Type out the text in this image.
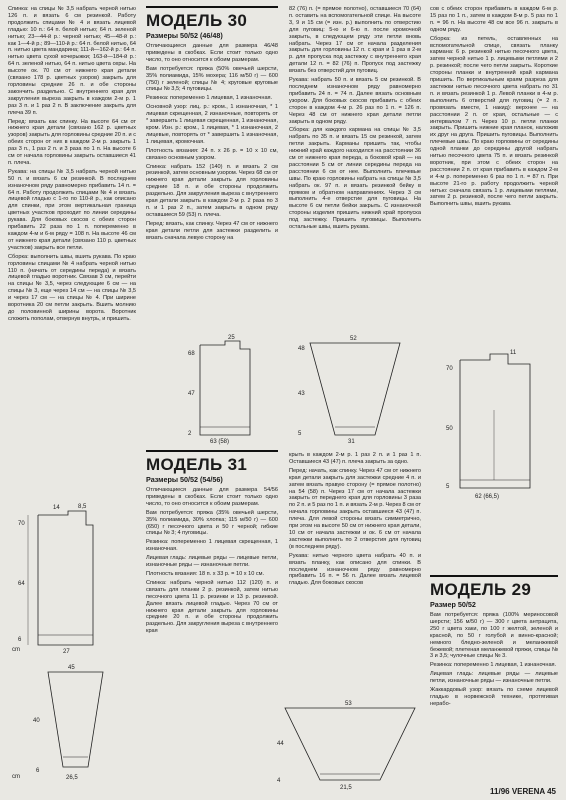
Спинка: на спицы № 3,5 набрать черной нитью 126 п. и вязать 6 см резинкой. Работу продолжить спицами № 4 и вязать лицевой гладью: 10 п.: 64 п. белой нитью; 64 п. зеленой нитью; 23—44-й р.: черной нитью; 45—48-й р.: как 1—4-й р.; 89—110-й р.: 64 п. белой нитью, 64 п. нитью цвета мандарина; 111-й—162-й р.: 64 п. нитью цвета сухой кочерыжки; 163-й—184-й р.: 64 п. зеленой нитью, 64 п. нитью цвета охры. На высоте ок. 70 см от нижнего края детали (связано 178 р. цветных узоров) закрыть для горловины средние 26 п. и обе стороны закончить раздельно. С внутреннего края для закругления выреза закрыть в каждом 2-м р. 1 раз 3 п. и 1 раз 2 п. В заключение закрыть для плеча 39 п.

Перед: вязать как спинку. На высоте 64 см от нижнего края детали (связано 162 р. цветных узоров) закрыть для горловины средние 20 п. и с обеих сторон от них в каждом 2-м р. закрыть 1 раз 3 п., 1 раз 2 п. и 3 раза по 1 п. На высоте 6 см от начала горловины закрыть оставшиеся 41 п. плеча.

Рукава: на спицы № 3,5 набрать черной нитью 50 п. и вязать 6 см резинкой. В последнем изнаночном ряду равномерно прибавить 14 п. = 64 п. Работу продолжить спицами № 4 и вязать лицевой гладью с 1-го по 110-й р., как описано для спинки, при этом вертикальная граница цветных участков проходит по линии середины рукава. Для боковых скосов с обеих сторон прибавить 22 раза по 1 п. попеременно в каждом 4-м и 6-м ряду = 108 п. На высоте 46 см от нижнего края детали (связано 110 р. цветных участков) закрыть все петли.

Сборка: выполнить швы, вшить рукава. По краю горловины спицами № 4 набрать черной нитью 110 п. (начать от середины переда) и вязать лицевой гладью воротник. Связав 3 см, перейти на спицы № 3,5, через следующие 6 см — на спицы № 3, еще через 14 см — на спицы № 3,5 и через 17 см — на спицы № 4. При ширине воротника 20 см петли закрыть. Вшить молнию до половинной ширины ворота. Воротник сложить пополам, отвернув внутрь, и пришить.

МОДЕЛЬ 30
Размеры 50/52 (46/48)

Отличающиеся данные для размера 46/48 приведены в скобках. Если стоит только одно число, то оно относится к обоим размерам.

Вам потребуется: пряжа (50% овечьей шерсти, 35% полиамида, 15% мохера; 116 м/50 г) — 600 (750) г зеленой; спицы № 4; круговые круговые спицы № 3,5; 4 пуговицы.

Резинка: попеременно 1 лицевая, 1 изнаночная.

Основной узор: лиц. р.: кром., 1 изнаночная, * 1 лицевая скрещенная, 2 изнаночные, повторять от * завершить 1 лицевая скрещенная, 1 изнаночная, кром. Изн. р.: кром., 1 лицевая, * 1 изнаночная, 2 лицевые, повторять от * завершить 1 изнаночная, 1 лицевая, кромочная.

Плотность вязания: 24 п. х 26 р. = 10 х 10 см, связано основным узором.

Спинка: набрать 152 (140) п. и вязать 2 см резинкой, затем основным узором. Через 68 см от нижнего края детали закрыть для горловины средние 18 п. и обе стороны продолжить раздельно. Для закругления выреза с внутреннего края детали закрыть в каждом 2-м р. 2 раза по 3 п. и 1 раз 2 п., затем закрыть в одном ряду оставшиеся 59 (53) п. плеча.

Перед: вязать, как спинку. Через 47 см от нижнего края детали петли для застежки разделить и вязать сначала левую сторону на

МОДЕЛЬ 31
Размеры 50/52 (54/56)

Отличающиеся данные для размера 54/56 приведены в скобках. Если стоит только одно число, то оно относится к обоим размерам.

Вам потребуется: пряжа (35% овечьей шерсти, 35% полиамида, 30% хлопка; 115 м/50 г) — 600 (650) г песочного цвета и 50 г черной; гибкие спицы № 3; 4 пуговицы.

Резинка: попеременно 1 лицевая скрещенная, 1 изнаночная.

Лицевая гладь: лицевые ряды — лицевые петли, изнаночные ряды — изнаночные петли.

Плотность вязания: 18 п. х 33 р. = 10 х 10 см.

Спинка: набрать черной нитью 112 (120) п. и связать для планки 2 р. резинкой, затем нитью песочного цвета 11 р. резинки и 13 р. резинкой. Далее вязать лицевой гладью. Через 70 см от нижнего края детали закрыть для горловины средние 20 п. и обе стороны продолжить раздельно. Для закругления выреза с внутреннего края

82 (76) п. (= прямое полотно), оставшиеся 70 (64) п. оставить на вспомогательной спице. На высоте 3, 9 и 15 см (= изн. р.) выполнить по отверстию для пуговиц: 5-ю и 6-ю п. после кромочной закрыть, в следующем ряду эти петли вновь набрать. Через 17 см от начала разделения закрыть для горловины 12 п. с края и 1 раз в 2-м р. для пропуска под застежку с внутреннего края детали 12 п. = 82 (76) п. Пропуск под застежку вязать без отверстий для пуговиц.

Рукава: набрать 50 п. и вязать 5 см резинкой. В последнем изнаночном ряду равномерно прибавить 24 п. = 74 п. Далее вязать основным узором. Для боковых скосов прибавить с обеих сторон в каждом 4-м р. 26 раз по 1 п. = 126 п. Через 48 см от нижнего края детали петли закрыть в одном ряду.

Сборка: для каждого кармана на спицы № 3,5 набрать по 35 п. и вязать 15 см резинкой, затем петли закрыть. Карманы пришить так, чтобы нижний край каждого находился на расстоянии 36 см от нижнего края переда, а боковой край — на расстоянии 5 см от линии середины переда на расстоянии 6 см от нее. Выполнить плечевые швы. По краю горловины набрать на спицы № 3,5 набрать ок. 97 п. и вязать резинкой бейку в прямом и обратном направлениях. Через 3 см выполнить 4-е отверстие для пуговицы. На высоте 6 см петли бейки закрыть. С изнаночной стороны изделия пришить нижний край пропуска под застежку. Пришить пуговицы. Выполнить остальные швы, вшить рукава.

крыть в каждом 2-м р. 1 раз 2 п. и 1 раз 1 п. Оставшиеся 43 (47) п. плеча закрыть за одно.

Перед: начать, как спинку. Через 47 см от нижнего края детали закрыть для застежки средние 4 п. и затем вязать правую сторону (= прямое полотно) на 54 (58) п. Через 17 см от начала застежки закрыть от переднего края для горловины 3 раза по 2 п. и 5 раз по 1 п. и вязать 2-м р. Через 8 см от начала горловины закрыть оставшиеся 43 (47) п. плеча. Для левой стороны вязать симметрично, при этом на высоте 50 см от нижнего края детали, 10 см от начала застежки и ок. 6 см от начала застежки выполнить по 2 отверстия для пуговиц (в последнем ряду).

Рукава: нитью черного цвета набрать 40 п. и вязать планку, как описано для спинки. В последнем изнаночном ряду равномерно прибавить 16 п. = 56 п. Далее вязать лицевой гладью. Для боковых скосов

сов с обеих сторон прибавить в каждом 6-м р. 15 раз по 1 п., затем в каждом 8-м р. 5 раз по 1 п. = 96 п. На высоте 48 см все 96 п. закрыть в одном ряду.

Сборка: из петель, оставленных на вспомогательной спице, связать планку кармана: 6 р. резинкой нитью песочного цвета, затем черной нитью 1 р. лицевыми петлями и 2 р. резинкой; после чего петли закрыть. Короткие стороны планки и внутренний край кармана пришить. По вертикальным краям разреза для застежки нитью песочного цвета набрать по 31 п. и вязать резинкой 1 р. Левой планки в 4-м р. выполнить 6 отверстий для пуговиц (= 2 п. провязать вместе, 1 накид): верхнее — на расстоянии 2 п. от края, остальные — с интервалом 7 п. Через 10 р. петли планки закрыть. Пришить нижние края планок, наложив их друг на друга. Пришить пуговицы. Выполнить плечевые швы. По краю горловины от середины одной планки до середины другой набрать нитью песочного цвета 75 п. и вязать резинкой воротник, при этом с обеих сторон на расстоянии 2 п. от края прибавить в каждом 2-м и 4-м р. попеременно 6 раз по 1 п. = 87 п. При высоте 21-го р. работу продолжить черной нитью: сначала связать 1 р. лицевыми петлями, затем 2 р. резинкой, после чего петли закрыть. Выполнить швы, вшить рукава.

МОДЕЛЬ 29
Размер 50/52

Вам потребуется: пряжа (100% мериносовой шерсти; 156 м/50 г) — 300 г цвета антрацита, 250 г цвета хаки, по 100 г желтой, зеленой и красной, по 50 г голубой и винно-красной; немного бледно-зеленой и меланжевой бежевой; плетеная меланжевой пряжи, спицы № 3 и 3,5; чулочные спицы № 3.

Резинка: попеременно 1 лицевая, 1 изнаночная.

Лицевая гладь: лицевые ряды — лицевые петли, изнаночные ряды — изнаночные петли.

Жаккардовый узор: вязать по схеме лицевой гладью в норвежской технике, протягивая нерабо-

6
64
70
14	8,5
27
cm
6
40
26,5
45
cm
2
47
68
63 (58)
25
5
43
48
31
52
5
50
70
62 (66,5)
11
4
44
21,5
53
11/96 VERENA 45
